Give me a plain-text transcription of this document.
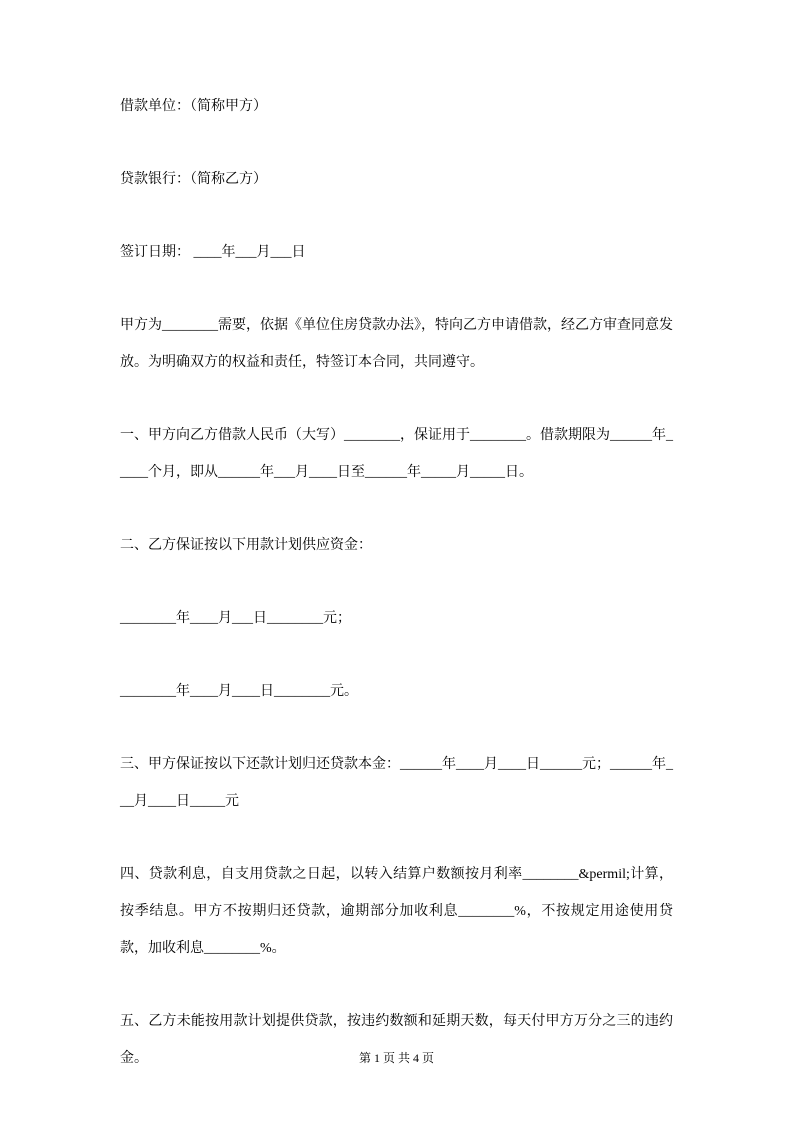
借款单位：（简称甲方）

贷款银行：（简称乙方）

签订日期： ____年___月___日

甲方为________需要，依据《单位住房贷款办法》，特向乙方申请借款，经乙方审查同意发放。为明确双方的权益和责任，特签订本合同，共同遵守。

一、甲方向乙方借款人民币（大写）________，保证用于________。借款期限为______年_____个月，即从______年___月____日至______年_____月_____日。

二、乙方保证按以下用款计划供应资金：

________年____月___日________元；

________年____月____日________元。

三、甲方保证按以下还款计划归还贷款本金：______年____月____日______元；______年___月____日_____元

四、贷款利息，自支用贷款之日起，以转入结算户数额按月利率________&permil;计算，按季结息。甲方不按期归还贷款，逾期部分加收利息________%，不按规定用途使用贷款，加收利息________%。

五、乙方未能按用款计划提供贷款，按违约数额和延期天数，每天付甲方万分之三的违约金。	第 1 页 共 4 页
